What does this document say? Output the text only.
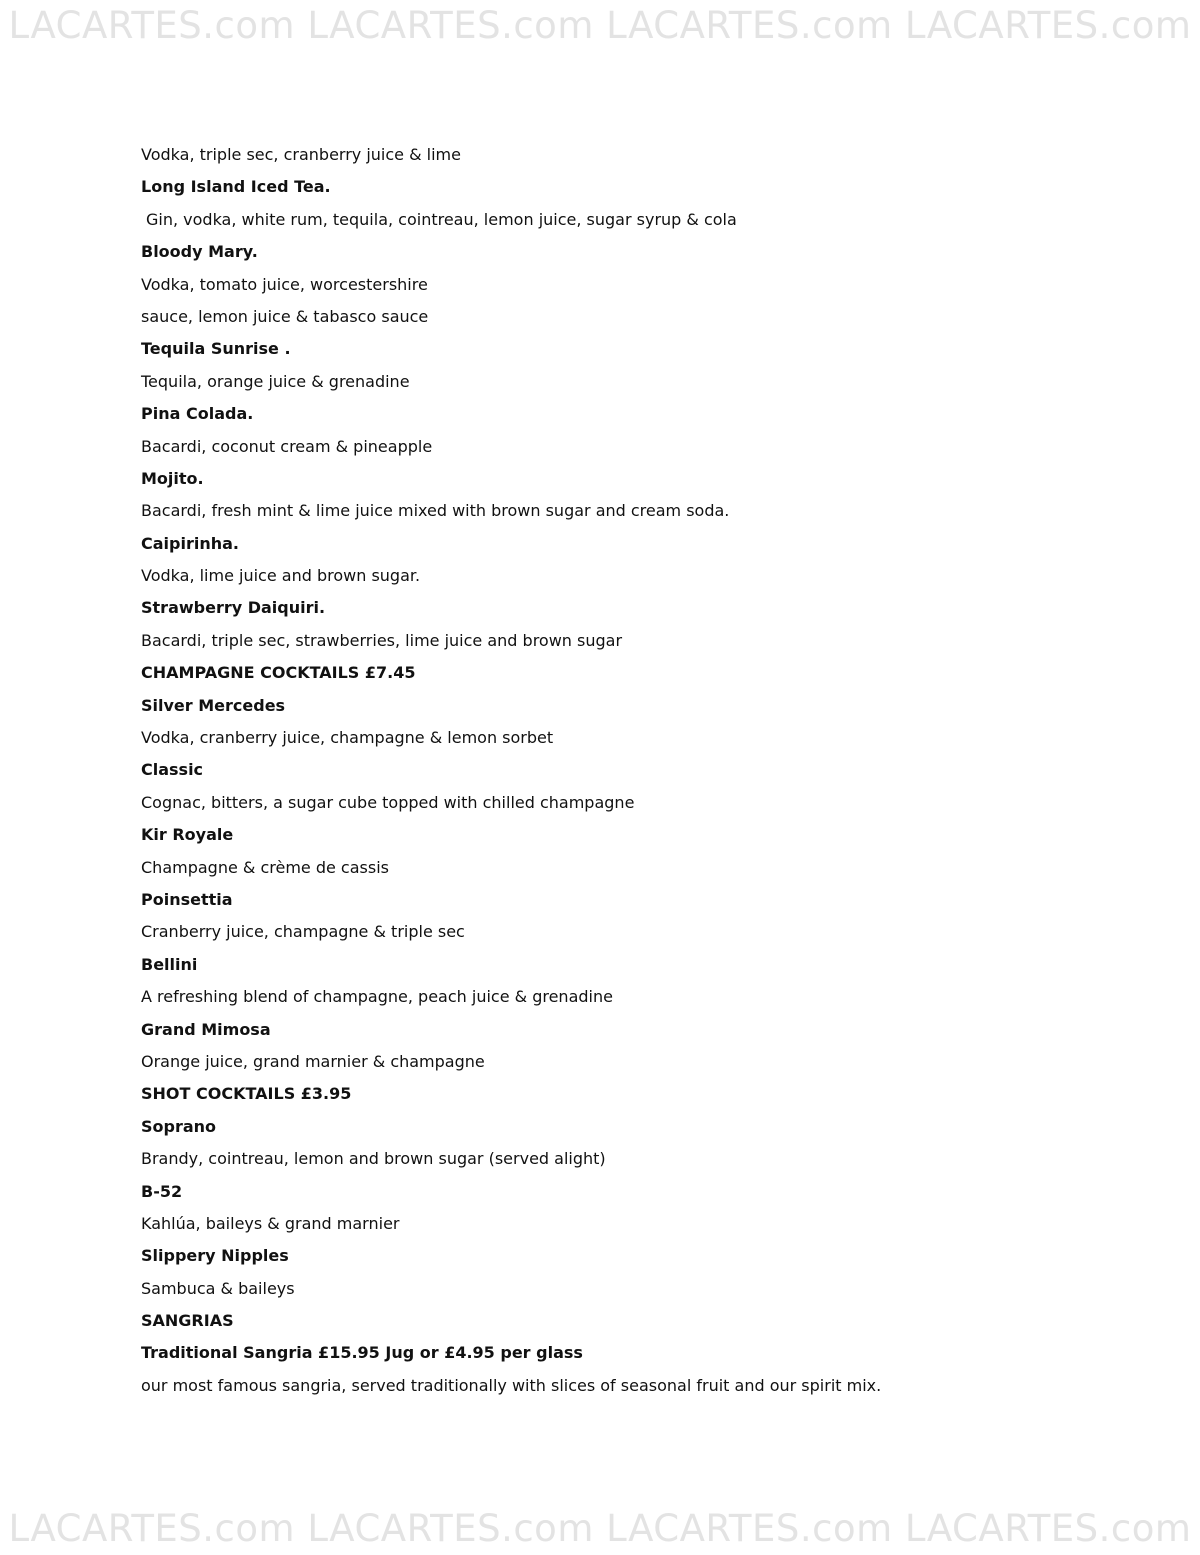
LACARTES.com LACARTES.com LACARTES.com LACARTES.com
Vodka, triple sec, cranberry juice & lime
Long Island Iced Tea.
Gin, vodka, white rum, tequila, cointreau, lemon juice, sugar syrup & cola
Bloody Mary.
Vodka, tomato juice, worcestershire
sauce, lemon juice & tabasco sauce
Tequila Sunrise .
Tequila, orange juice & grenadine
Pina Colada.
Bacardi, coconut cream & pineapple
Mojito.
Bacardi, fresh mint & lime juice mixed with brown sugar and cream soda.
Caipirinha.
Vodka, lime juice and brown sugar.
Strawberry Daiquiri.
Bacardi, triple sec, strawberries, lime juice and brown sugar
CHAMPAGNE COCKTAILS £7.45
Silver Mercedes
Vodka, cranberry juice, champagne & lemon sorbet
Classic
Cognac, bitters, a sugar cube topped with chilled champagne
Kir Royale
Champagne & crème de cassis
Poinsettia
Cranberry juice, champagne & triple sec
Bellini
A refreshing blend of champagne, peach juice & grenadine
Grand Mimosa
Orange juice, grand marnier & champagne
SHOT COCKTAILS £3.95
Soprano
Brandy, cointreau, lemon and brown sugar (served alight)
B-52
Kahlúa, baileys & grand marnier
Slippery Nipples
Sambuca & baileys
SANGRIAS
Traditional Sangria £15.95 Jug or £4.95 per glass
our most famous sangria, served traditionally with slices of seasonal fruit and our spirit mix.
LACARTES.com LACARTES.com LACARTES.com LACARTES.com
